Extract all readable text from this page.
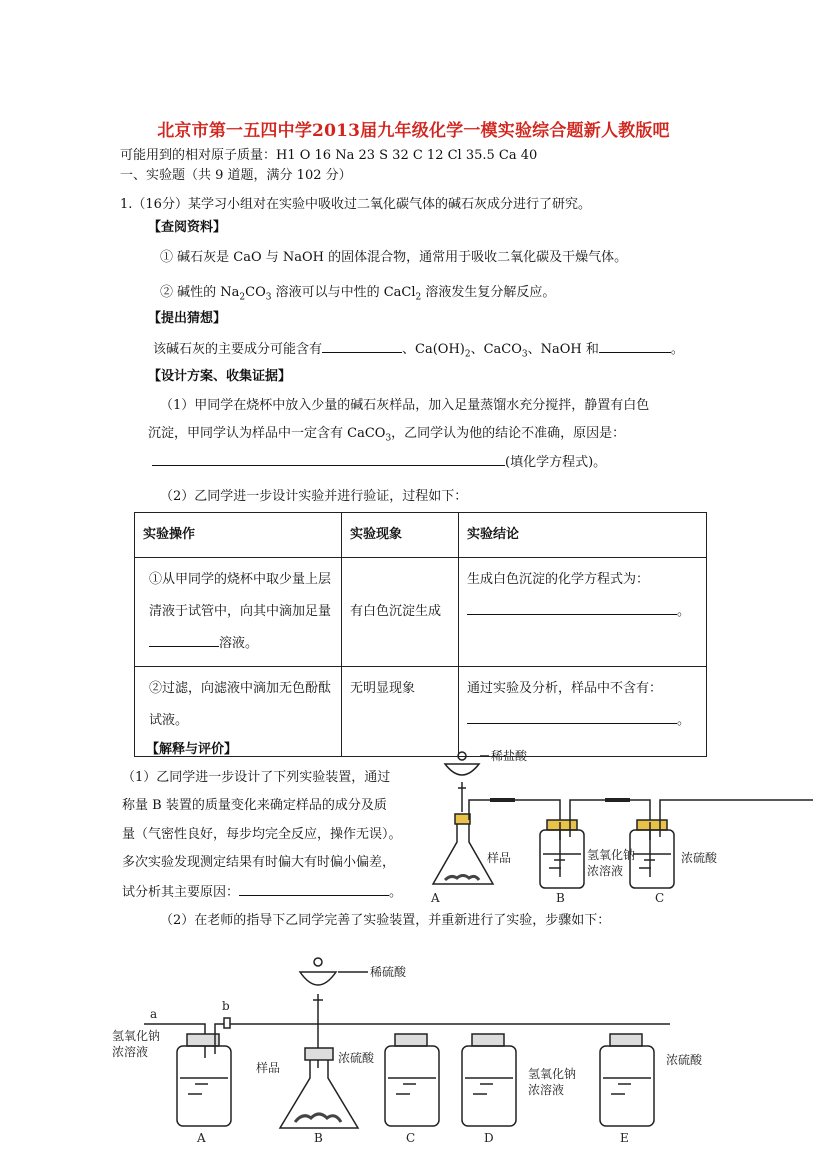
北京市第一五四中学2013届九年级化学一模实验综合题新人教版吧
可能用到的相对原子质量：H1 O 16 Na 23 S 32 C 12 Cl 35.5 Ca 40
一、实验题（共 9 道题，满分 102 分）
1.（16分）某学习小组对在实验中吸收过二氧化碳气体的碱石灰成分进行了研究。
【查阅资料】
① 碱石灰是 CaO 与 NaOH 的固体混合物，通常用于吸收二氧化碳及干燥气体。
② 碱性的 $Na_2CO_3$ 溶液可以与中性的 CaCl$_2$ 溶液发生复分解反应。
【提出猜想】
该碱石灰的主要成分可能含有	、$Ca(OH)_2$、CaCO$_3$、NaOH 和	。
【设计方案、收集证据】
（1）甲同学在烧杯中放入少量的碱石灰样品，加入足量蒸馏水充分搅拌，静置有白色
沉淀，甲同学认为样品中一定含有 CaCO$_3$，乙同学认为他的结论不准确，原因是：
(填化学方程式)。
（2）乙同学进一步设计实验并进行验证，过程如下：
实验操作	实验现象	实验结论
①从甲同学的烧杯中取少量上层清液于试管中，向其中滴加足量溶液。	有白色沉淀生成	生成白色沉淀的化学方程式为：
。

②过滤，向滤液中滴加无色酚酞试液。	无明显现象	通过实验及分析，样品中不含有：
。
【解释与评价】
（1）乙同学进一步设计了下列实验装置，通过
称量 B 装置的质量变化来确定样品的成分及质
量（气密性良好，每步均完全反应，操作无误）。
多次实验发现测定结果有时偏大有时偏小偏差，
试分析其主要原因：	。
（2）在老师的指导下乙同学完善了实验装置，并重新进行了实验，步骤如下：
稀盐酸
样品	氢氧化钠
浓溶液
浓硫酸
A	B	C
a
b
稀硫酸
氢氧化钠
浓溶液
样品
浓硫酸
氢氧化钠
浓溶液
浓硫酸
A	B	C	D	E
